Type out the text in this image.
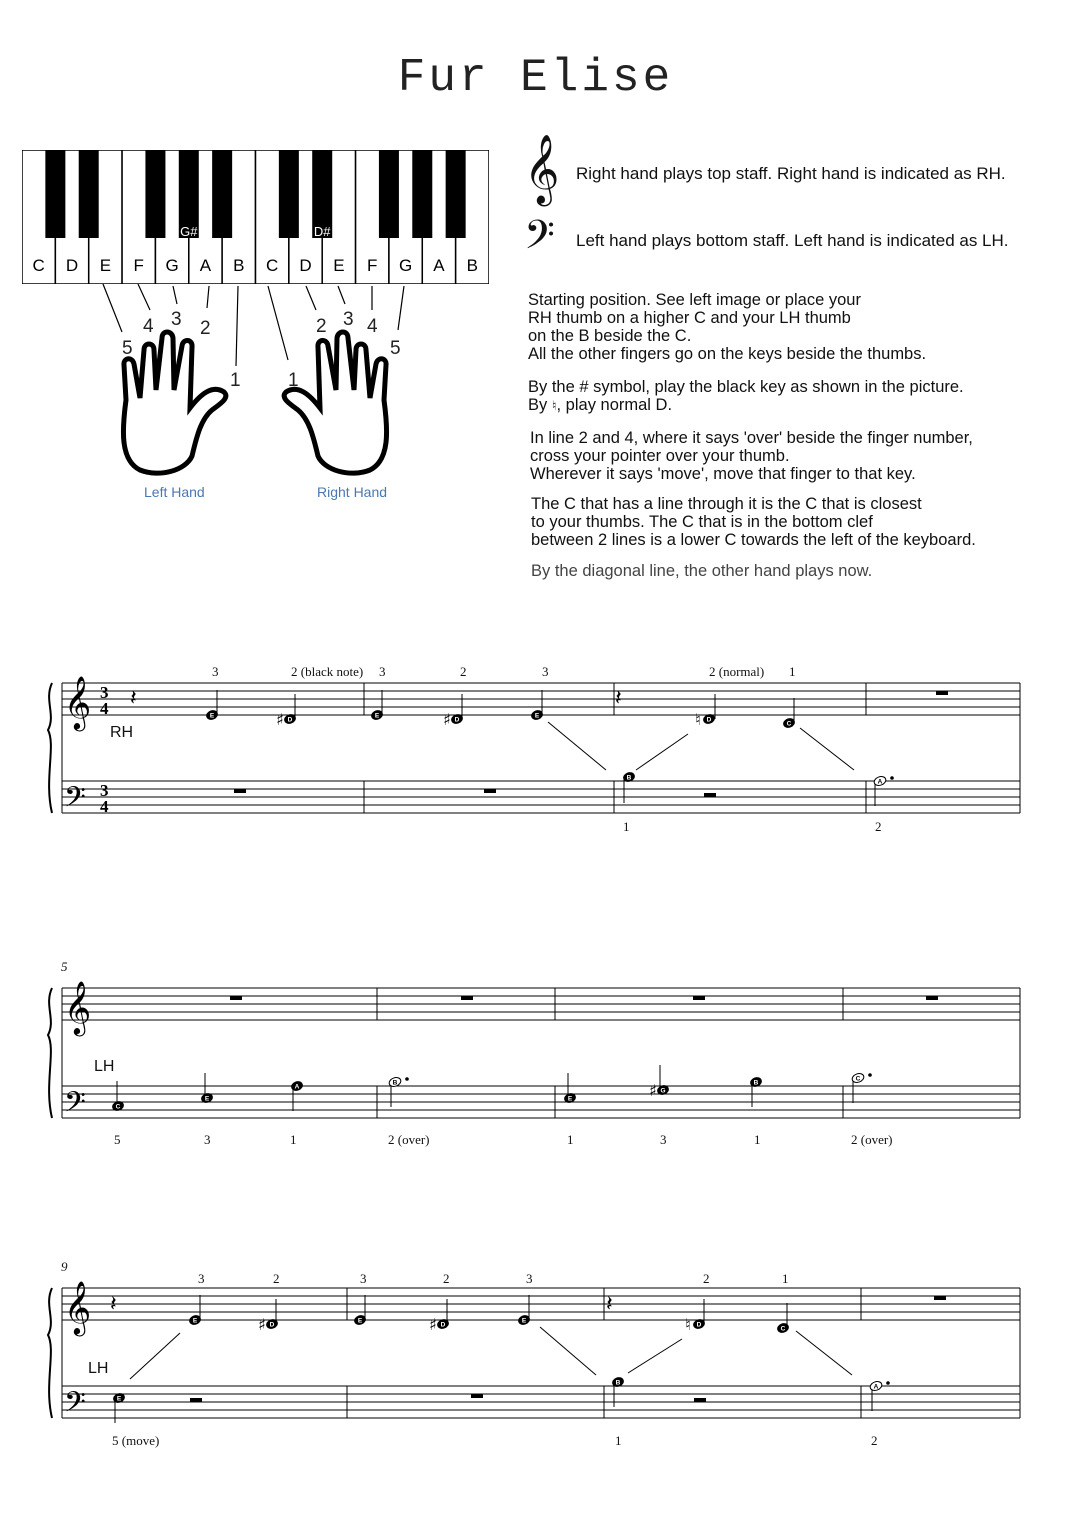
Fur Elise
C D E F G A B C D E F G A B
G#	D#
5
4 3 2
1 1
2 3 4
5
Left Hand	Right Hand
𝄞 Right hand plays top staff. Right hand is indicated as RH.
𝄢 Left hand plays bottom staff. Left hand is indicated as LH.
Starting position. See left image or place your
RH thumb on a higher C and your LH thumb
on the B beside the C.
All the other fingers go on the keys beside the thumbs.
By the # symbol, play the black key as shown in the picture.
By ♮, play normal D.
In line 2 and 4, where it says 'over' beside the finger number,
cross your pointer over your thumb.
Wherever it says 'move', move that finger to that key.
The C that has a line through it is the C that is closest
to your thumbs. The C that is in the bottom clef
between 2 lines is a lower C towards the left of the keyboard.
By the diagonal line, the other hand plays now.
𝄞
𝄢
3
4
3
4
𝄽	𝄽
E
D
♯	E
D
♯	E
D
♮	C
B
A
RH
3	2 (black note) 3	2	3	2 (normal) 1
1	2
𝄞
𝄢	C
E
A
B
E
G
♯	B
C
5
LH
5	3	1	2 (over)	1	3	1	2 (over)
𝄞
𝄢
𝄽	𝄽
E
D
♯	E
D
♯	E
D
♮	C
E
B
A
9
LH
3	2	3	2	3	2	1
5 (move)	1	2
